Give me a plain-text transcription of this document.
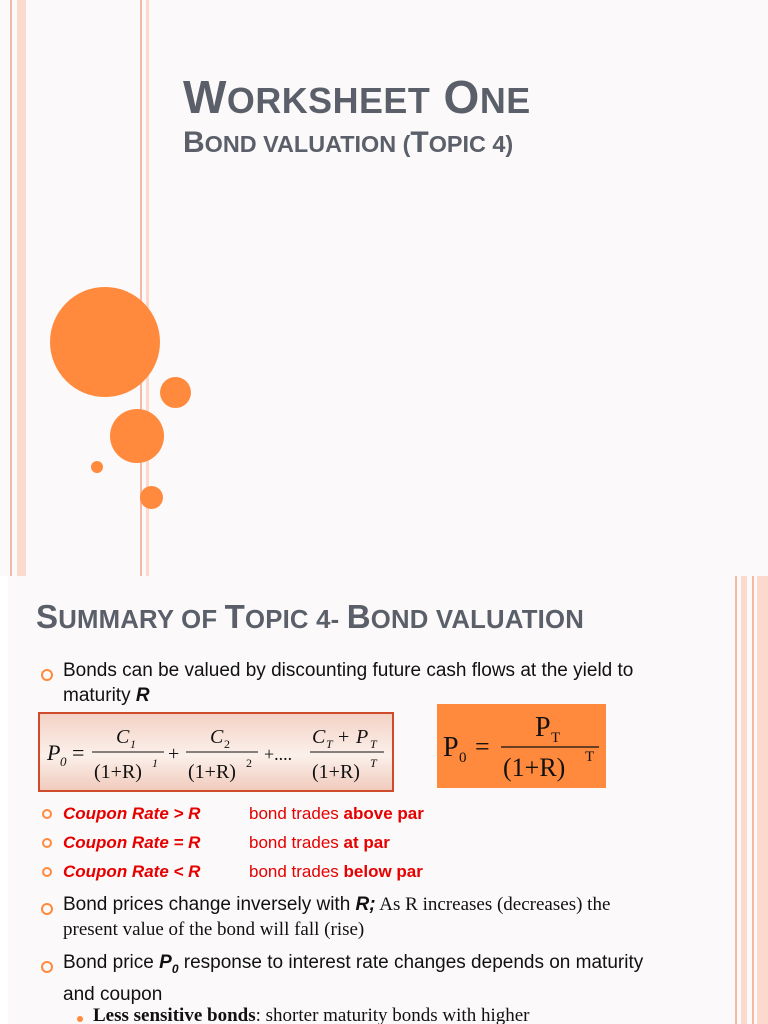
WORKSHEET ONE
BOND VALUATION (TOPIC 4)
SUMMARY OF TOPIC 4- BOND VALUATION
Bonds can be valued by discounting future cash flows at the yield to
maturity R
P 0 =
C 1
(1+R) 1 +
C 2
(1+R) 2 +....
C T + P T
(1+R) T P 0 =
P T
(1+R) T
Coupon Rate > R	bond trades above par
Coupon Rate = R	bond trades at par
Coupon Rate < R	bond trades below par
Bond prices change inversely with R; As R increases (decreases) the
present value of the bond will fall (rise)
Bond price $P_0$ response to interest rate changes depends on maturity
and coupon
Less sensitive bonds: shorter maturity bonds with higher
